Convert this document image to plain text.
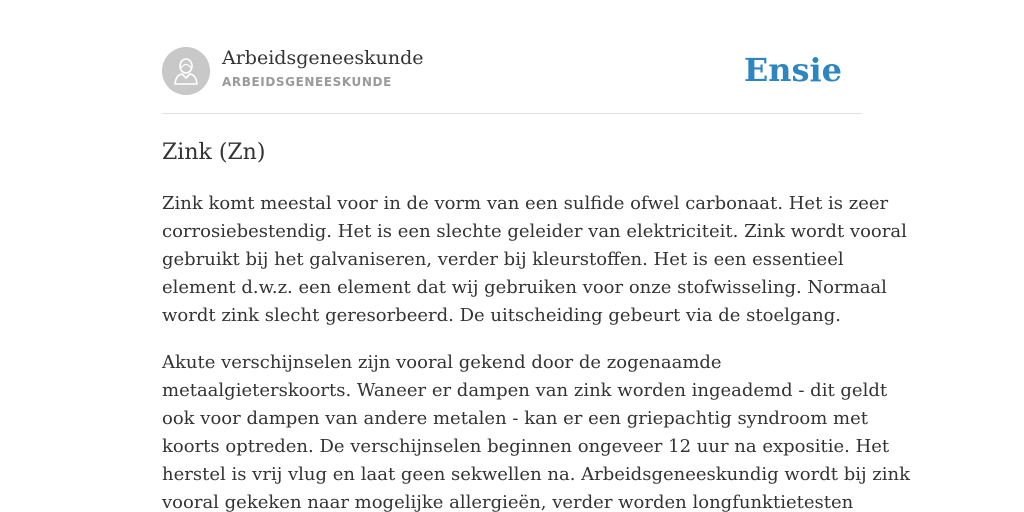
Arbeidsgeneeskunde
ARBEIDSGENEESKUNDE	Ensie
Zink (Zn)
Zink komt meestal voor in de vorm van een sulfide ofwel carbonaat. Het is zeer
corrosiebestendig. Het is een slechte geleider van elektriciteit. Zink wordt vooral
gebruikt bij het galvaniseren, verder bij kleurstoffen. Het is een essentieel
element d.w.z. een element dat wij gebruiken voor onze stofwisseling. Normaal
wordt zink slecht geresorbeerd. De uitscheiding gebeurt via de stoelgang.
Akute verschijnselen zijn vooral gekend door de zogenaamde
metaalgieterskoorts. Waneer er dampen van zink worden ingeademd - dit geldt
ook voor dampen van andere metalen - kan er een griepachtig syndroom met
koorts optreden. De verschijnselen beginnen ongeveer 12 uur na expositie. Het
herstel is vrij vlug en laat geen sekwellen na. Arbeidsgeneeskundig wordt bij zink
vooral gekeken naar mogelijke allergieën, verder worden longfunktietesten
